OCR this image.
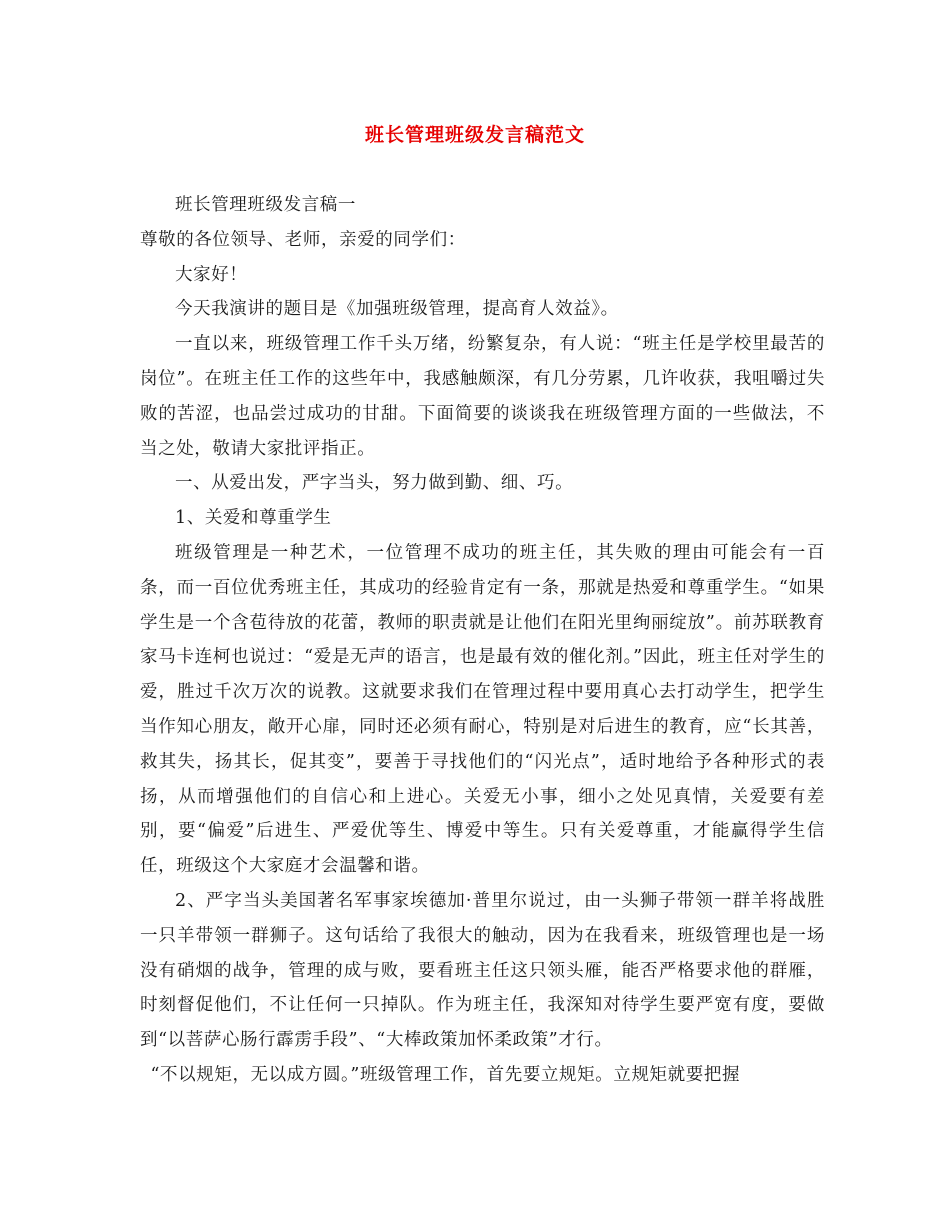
班长管理班级发言稿范文

班长管理班级发言稿一

尊敬的各位领导、老师，亲爱的同学们：

大家好！

今天我演讲的题目是《加强班级管理，提高育人效益》。

一直以来，班级管理工作千头万绪，纷繁复杂，有人说：“班主任是学校里最苦的岗位”。在班主任工作的这些年中，我感触颇深，有几分劳累，几许收获，我咀嚼过失败的苦涩，也品尝过成功的甘甜。下面简要的谈谈我在班级管理方面的一些做法，不当之处，敬请大家批评指正。

一、从爱出发，严字当头，努力做到勤、细、巧。

1、关爱和尊重学生

班级管理是一种艺术，一位管理不成功的班主任，其失败的理由可能会有一百条，而一百位优秀班主任，其成功的经验肯定有一条，那就是热爱和尊重学生。“如果学生是一个含苞待放的花蕾，教师的职责就是让他们在阳光里绚丽绽放”。前苏联教育家马卡连柯也说过：“爱是无声的语言，也是最有效的催化剂。”因此，班主任对学生的爱，胜过千次万次的说教。这就要求我们在管理过程中要用真心去打动学生，把学生当作知心朋友，敞开心扉，同时还必须有耐心，特别是对后进生的教育，应“长其善，救其失，扬其长，促其变”，要善于寻找他们的“闪光点”，适时地给予各种形式的表扬，从而增强他们的自信心和上进心。关爱无小事，细小之处见真情，关爱要有差别，要“偏爱”后进生、严爱优等生、博爱中等生。只有关爱尊重，才能赢得学生信任，班级这个大家庭才会温馨和谐。

2、严字当头美国著名军事家埃德加·普里尔说过，由一头狮子带领一群羊将战胜一只羊带领一群狮子。这句话给了我很大的触动，因为在我看来，班级管理也是一场没有硝烟的战争，管理的成与败，要看班主任这只领头雁，能否严格要求他的群雁，时刻督促他们，不让任何一只掉队。作为班主任，我深知对待学生要严宽有度，要做到“以菩萨心肠行霹雳手段”、“大棒政策加怀柔政策”才行。

“不以规矩，无以成方圆。”班级管理工作，首先要立规矩。立规矩就要把握
